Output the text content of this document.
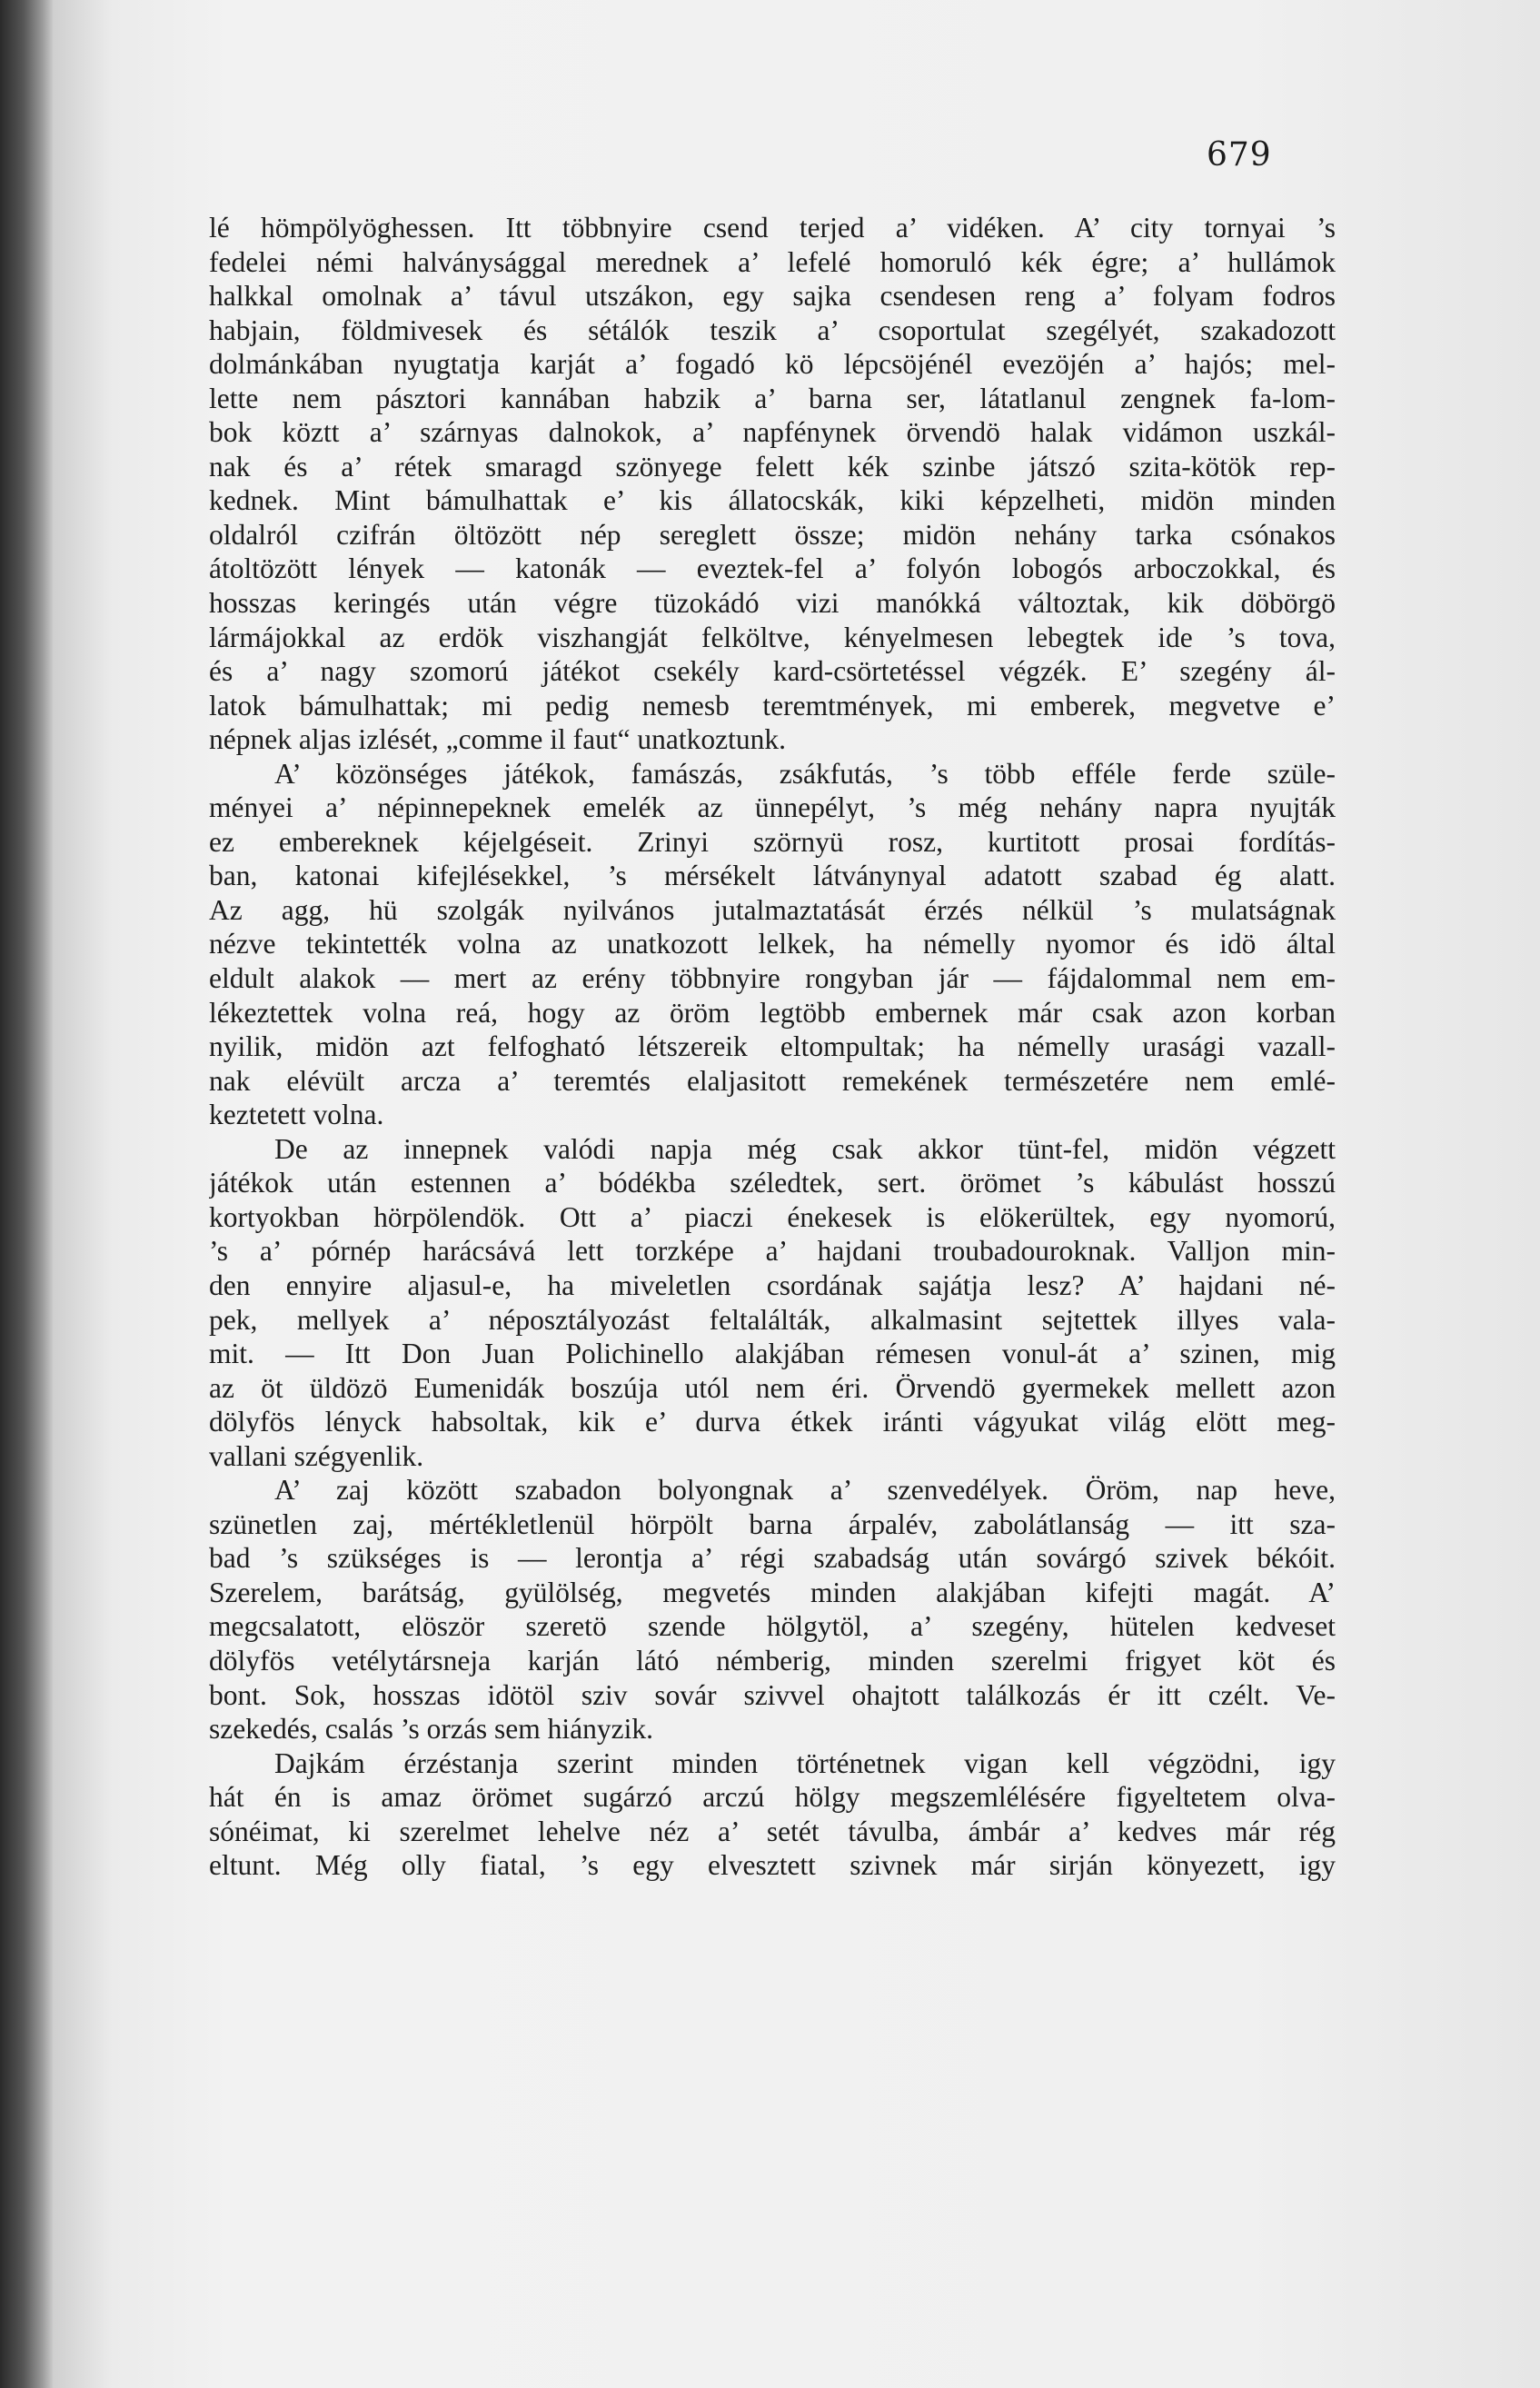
679
lé hömpölyöghessen. Itt többnyire csend terjed a’ vidéken. A’ city tornyai ’s
fedelei némi halványsággal merednek a’ lefelé homoruló kék égre; a’ hullámok
halkkal omolnak a’ távul utszákon, egy sajka csendesen reng a’ folyam fodros
habjain, földmivesek és sétálók teszik a’ csoportulat szegélyét, szakadozott
dolmánkában nyugtatja karját a’ fogadó kö lépcsöjénél evezöjén a’ hajós; mel-
lette nem pásztori kannában habzik a’ barna ser, látatlanul zengnek fa-lom-
bok köztt a’ szárnyas dalnokok, a’ napfénynek örvendö halak vidámon uszkál-
nak és a’ rétek smaragd szönyege felett kék szinbe játszó szita-kötök rep-
kednek. Mint bámulhattak e’ kis állatocskák, kiki képzelheti, midön minden
oldalról czifrán öltözött nép sereglett össze; midön nehány tarka csónakos
átoltözött lények — katonák — eveztek-fel a’ folyón lobogós arboczokkal, és
hosszas keringés után végre tüzokádó vizi manókká változtak, kik döbörgö
lármájokkal az erdök viszhangját felköltve, kényelmesen lebegtek ide ’s tova,
és a’ nagy szomorú játékot csekély kard-csörtetéssel végzék. E’ szegény ál-
latok bámulhattak; mi pedig nemesb teremtmények, mi emberek, megvetve e’
népnek aljas izlését, „comme il faut“ unatkoztunk.
A’ közönséges játékok, famászás, zsákfutás, ’s több efféle ferde szüle-
ményei a’ népinnepeknek emelék az ünnepélyt, ’s még nehány napra nyujták
ez embereknek kéjelgéseit. Zrinyi szörnyü rosz, kurtitott prosai fordítás-
ban, katonai kifejlésekkel, ’s mérsékelt látványnyal adatott szabad ég alatt.
Az agg, hü szolgák nyilvános jutalmaztatását érzés nélkül ’s mulatságnak
nézve tekintették volna az unatkozott lelkek, ha némelly nyomor és idö által
eldult alakok — mert az erény többnyire rongyban jár — fájdalommal nem em-
lékeztettek volna reá, hogy az öröm legtöbb embernek már csak azon korban
nyilik, midön azt felfogható létszereik eltompultak; ha némelly urasági vazall-
nak elévült arcza a’ teremtés elaljasitott remekének természetére nem emlé-
keztetett volna.
De az innepnek valódi napja még csak akkor tünt-fel, midön végzett
játékok után estennen a’ bódékba széledtek, sert. örömet ’s kábulást hosszú
kortyokban hörpölendök. Ott a’ piaczi énekesek is elökerültek, egy nyomorú,
’s a’ pórnép harácsává lett torzképe a’ hajdani troubadouroknak. Valljon min-
den ennyire aljasul-e, ha miveletlen csordának sajátja lesz? A’ hajdani né-
pek, mellyek a’ néposztályozást feltalálták, alkalmasint sejtettek illyes vala-
mit. — Itt Don Juan Polichinello alakjában rémesen vonul-át a’ szinen, mig
az öt üldözö Eumenidák boszúja utól nem éri. Örvendö gyermekek mellett azon
dölyfös lényck habsoltak, kik e’ durva étkek iránti vágyukat világ elött meg-
vallani szégyenlik.
A’ zaj között szabadon bolyongnak a’ szenvedélyek. Öröm, nap heve,
szünetlen zaj, mértékletlenül hörpölt barna árpalév, zabolátlanság — itt sza-
bad ’s szükséges is — lerontja a’ régi szabadság után sovárgó szivek békóit.
Szerelem, barátság, gyülölség, megvetés minden alakjában kifejti magát. A’
megcsalatott, elöször szeretö szende hölgytöl, a’ szegény, hütelen kedveset
dölyfös vetélytársneja karján látó némberig, minden szerelmi frigyet köt és
bont. Sok, hosszas idötöl sziv sovár szivvel ohajtott találkozás ér itt czélt. Ve-
szekedés, csalás ’s orzás sem hiányzik.
Dajkám érzéstanja szerint minden történetnek vigan kell végzödni, igy
hát én is amaz örömet sugárzó arczú hölgy megszemlélésére figyeltetem olva-
sónéimat, ki szerelmet lehelve néz a’ setét távulba, ámbár a’ kedves már rég
eltunt. Még olly fiatal, ’s egy elvesztett szivnek már sirján könyezett, igy
